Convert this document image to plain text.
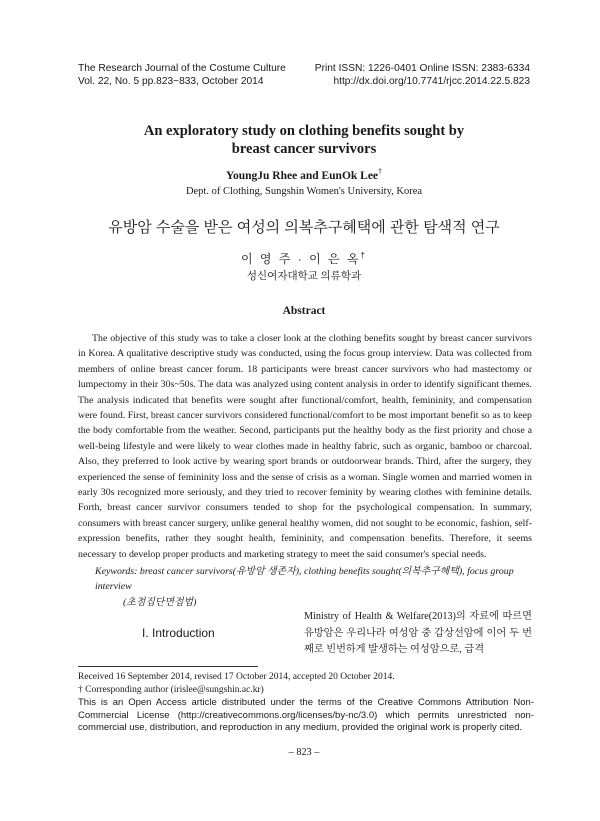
The Research Journal of the Costume Culture
Vol. 22, No. 5 pp.823~833, October 2014
Print ISSN: 1226-0401 Online ISSN: 2383-6334
http://dx.doi.org/10.7741/rjcc.2014.22.5.823
An exploratory study on clothing benefits sought by
breast cancer survivors
YoungJu Rhee and EunOk Lee†
Dept. of Clothing, Sungshin Women's University, Korea
유방암 수술을 받은 여성의 의복추구혜택에 관한 탐색적 연구
이 영 주 · 이 은 옥†
성신여자대학교 의류학과
Abstract

The objective of this study was to take a closer look at the clothing benefits sought by breast cancer survivors in Korea. A qualitative descriptive study was conducted, using the focus group interview. Data was collected from members of online breast cancer forum. 18 participants were breast cancer survivors who had mastectomy or lumpectomy in their 30s~50s. The data was analyzed using content analysis in order to identify significant themes. The analysis indicated that benefits were sought after functional/comfort, health, femininity, and compensation were found. First, breast cancer survivors considered functional/comfort to be most important benefit so as to keep the body comfortable from the weather. Second, participants put the healthy body as the first priority and chose a well-being lifestyle and were likely to wear clothes made in healthy fabric, such as organic, bamboo or charcoal. Also, they preferred to look active by wearing sport brands or outdoorwear brands. Third, after the surgery, they experienced the sense of femininity loss and the sense of crisis as a woman. Single women and married women in early 30s recognized more seriously, and they tried to recover feminity by wearing clothes with feminine details. Forth, breast cancer survivor consumers tended to shop for the psychological compensation. In summary, consumers with breast cancer surgery, unlike general healthy women, did not sought to be economic, fashion, self-expression benefits, rather they sought health, femininity, and compensation benefits. Therefore, it seems necessary to develop proper products and marketing strategy to meet the said consumer's special needs.

Keywords: breast cancer survivors(유방암 생존자), clothing benefits sought(의복추구혜택), focus group interview
(초점집단면접법)
I. Introduction

Ministry of Health & Welfare(2013)의 자료에 따르면 유방암은 우리나라 여성암 중 갑상선암에 이어 두 번째로 빈번하게 발생하는 여성암으로, 급격

Received 16 September 2014, revised 17 October 2014, accepted 20 October 2014.

† Corresponding author (irislee@sungshin.ac.kr)

This is an Open Access article distributed under the terms of the Creative Commons Attribution Non-Commercial License (http://creativecommons.org/licenses/by-nc/3.0) which permits unrestricted non-commercial use, distribution, and reproduction in any medium, provided the original work is properly cited.

– 823 –
